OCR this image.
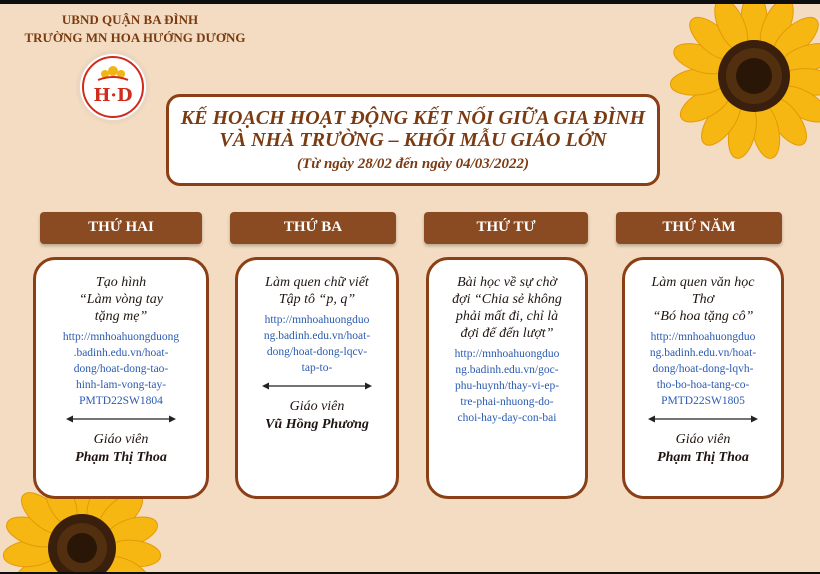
UBND QUẬN BA ĐÌNH
TRƯỜNG MN HOA HƯỚNG DƯƠNG
H·D
KẾ HOẠCH HOẠT ĐỘNG KẾT NỐI GIỮA GIA ĐÌNH
VÀ NHÀ TRƯỜNG – KHỐI MẪU GIÁO LỚN
(Từ ngày 28/02 đến ngày 04/03/2022)
THỨ HAI	THỨ BA	THỨ TƯ	THỨ NĂM
Tạo hình
“Làm vòng tay
tặng mẹ”
http://mnhoahuongduong
.badinh.edu.vn/hoat-
dong/hoat-dong-tao-
hinh-lam-vong-tay-
PMTD22SW1804
Giáo viên
Phạm Thị Thoa
Làm quen chữ viết
Tập tô “p, q”
http://mnhoahuongduo
ng.badinh.edu.vn/hoat-
dong/hoat-dong-lqcv-
tap-to-
Giáo viên
Vũ Hồng Phương
Bài học về sự chờ
đợi “Chia sẻ không
phải mất đi, chỉ là
đợi để đến lượt”
http://mnhoahuongduo
ng.badinh.edu.vn/goc-
phu-huynh/thay-vi-ep-
tre-phai-nhuong-do-
choi-hay-day-con-bai
Làm quen văn học
Thơ
“Bó hoa tặng cô”
http://mnhoahuongduo
ng.badinh.edu.vn/hoat-
dong/hoat-dong-lqvh-
tho-bo-hoa-tang-co-
PMTD22SW1805
Giáo viên
Phạm Thị Thoa
